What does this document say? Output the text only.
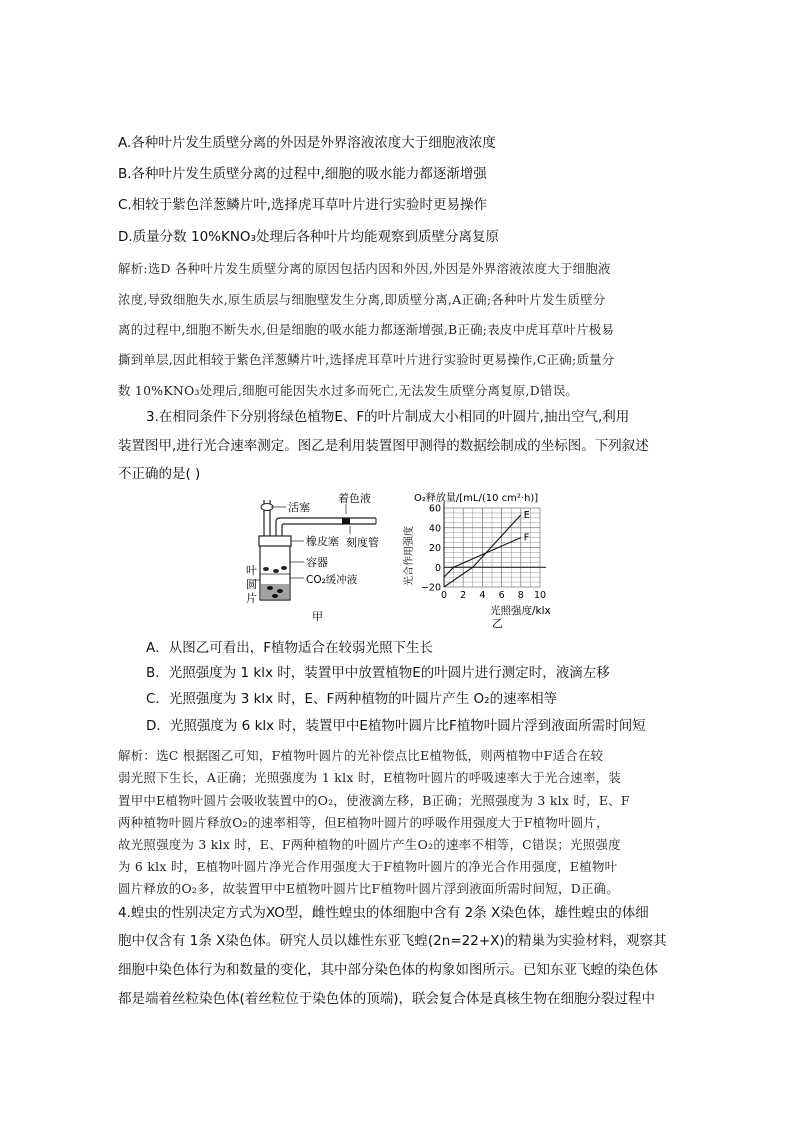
A.各种叶片发生质壁分离的外因是外界溶液浓度大于细胞液浓度
B.各种叶片发生质壁分离的过程中,细胞的吸水能力都逐渐增强
C.相较于紫色洋葱鳞片叶,选择虎耳草叶片进行实验时更易操作
D.质量分数 10%KNO₃处理后各种叶片均能观察到质壁分离复原
解析:选D 各种叶片发生质壁分离的原因包括内因和外因,外因是外界溶液浓度大于细胞液
浓度,导致细胞失水,原生质层与细胞壁发生分离,即质壁分离,A正确;各种叶片发生质壁分
离的过程中,细胞不断失水,但是细胞的吸水能力都逐渐增强,B正确;表皮中虎耳草叶片极易
撕到单层,因此相较于紫色洋葱鳞片叶,选择虎耳草叶片进行实验时更易操作,C正确;质量分
数 10%KNO₃处理后,细胞可能因失水过多而死亡,无法发生质壁分离复原,D错误。
3.在相同条件下分别将绿色植物E、F的叶片制成大小相同的叶圆片,抽出空气,利用
装置图甲,进行光合速率测定。图乙是利用装置图甲测得的数据绘制成的坐标图。下列叙述
不正确的是( )
活塞
着色液
橡皮塞 刻度管
容器
叶
圆
片
CO₂缓冲液
甲
O₂释放量/[mL/(10 cm²·h)]
光合作用强度
光照强度/klx
乙
0 2 4 6 8 10
60
40
20
0
−20
E
F
A．从图乙可看出，F植物适合在较弱光照下生长
B．光照强度为 1 klx 时，装置甲中放置植物E的叶圆片进行测定时，液滴左移
C．光照强度为 3 klx 时，E、F两种植物的叶圆片产生 O₂的速率相等
D．光照强度为 6 klx 时，装置甲中E植物叶圆片比F植物叶圆片浮到液面所需时间短
解析：选C 根据图乙可知，F植物叶圆片的光补偿点比E植物低，则两植物中F适合在较
弱光照下生长，A正确；光照强度为 1 klx 时，E植物叶圆片的呼吸速率大于光合速率，装
置甲中E植物叶圆片会吸收装置中的O₂，使液滴左移，B正确；光照强度为 3 klx 时，E、F
两种植物叶圆片释放O₂的速率相等，但E植物叶圆片的呼吸作用强度大于F植物叶圆片，
故光照强度为 3 klx 时，E、F两种植物的叶圆片产生O₂的速率不相等，C错误；光照强度
为 6 klx 时，E植物叶圆片净光合作用强度大于F植物叶圆片的净光合作用强度，E植物叶
圆片释放的O₂多，故装置甲中E植物叶圆片比F植物叶圆片浮到液面所需时间短，D正确。
4.蝗虫的性别决定方式为XO型，雌性蝗虫的体细胞中含有 2条 X染色体，雄性蝗虫的体细
胞中仅含有 1条 X染色体。研究人员以雄性东亚飞蝗(2n=22+X)的精巢为实验材料，观察其
细胞中染色体行为和数量的变化，其中部分染色体的构象如图所示。已知东亚飞蝗的染色体
都是端着丝粒染色体(着丝粒位于染色体的顶端)，联会复合体是真核生物在细胞分裂过程中
